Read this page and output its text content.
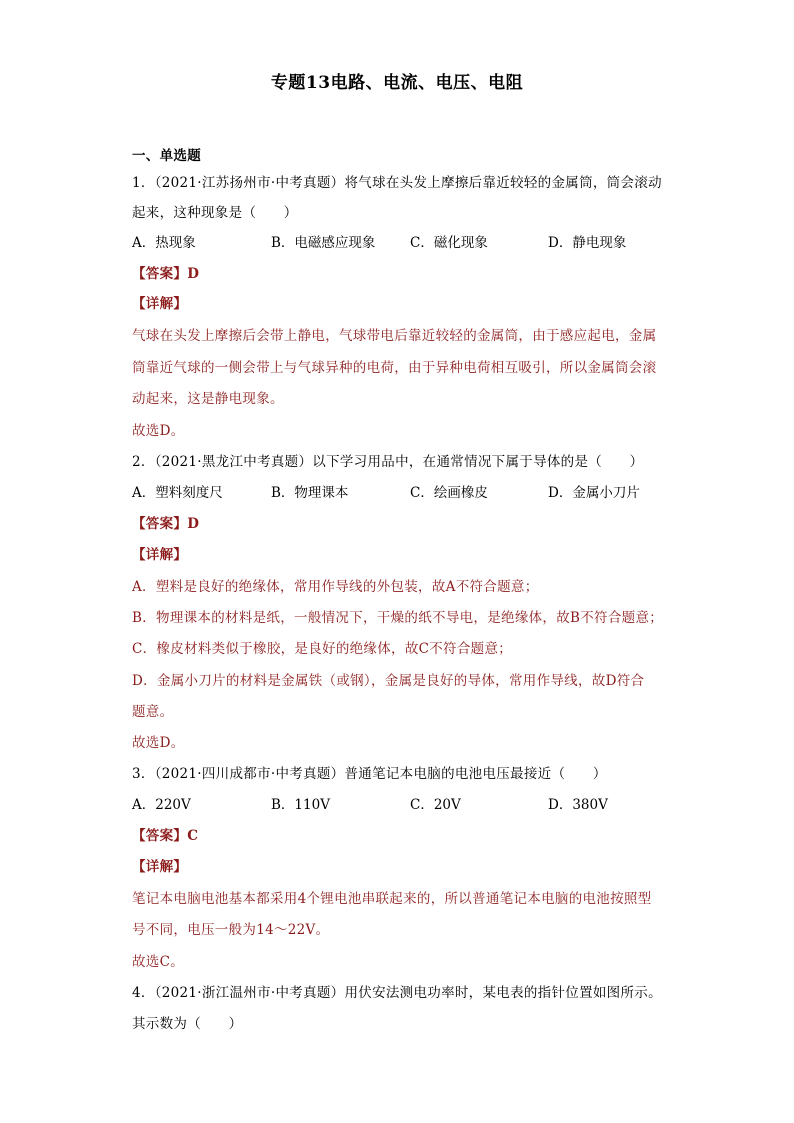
专题13电路、电流、电压、电阻
一、单选题
1．（2021·江苏扬州市·中考真题）将气球在头发上摩擦后靠近较轻的金属筒，筒会滚动
起来，这种现象是（　　）
A．热现象	B．电磁感应现象	C．磁化现象	D．静电现象
【答案】D
【详解】
气球在头发上摩擦后会带上静电，气球带电后靠近较轻的金属筒，由于感应起电，金属
筒靠近气球的一侧会带上与气球异种的电荷，由于异种电荷相互吸引，所以金属筒会滚
动起来，这是静电现象。
故选D。
2．（2021·黑龙江中考真题）以下学习用品中，在通常情况下属于导体的是（　　）
A．塑料刻度尺	B．物理课本	C．绘画橡皮	D．金属小刀片
【答案】D
【详解】
A．塑料是良好的绝缘体，常用作导线的外包装，故A不符合题意；
B．物理课本的材料是纸，一般情况下，干燥的纸不导电，是绝缘体，故B不符合题意；
C．橡皮材料类似于橡胶，是良好的绝缘体，故C不符合题意；
D．金属小刀片的材料是金属铁（或钢），金属是良好的导体，常用作导线，故D符合
题意。
故选D。
3．（2021·四川成都市·中考真题）普通笔记本电脑的电池电压最接近（　　）
A．220V	B．110V	C．20V	D．380V
【答案】C
【详解】
笔记本电脑电池基本都采用4个锂电池串联起来的，所以普通笔记本电脑的电池按照型
号不同，电压一般为14～22V。
故选C。
4．（2021·浙江温州市·中考真题）用伏安法测电功率时，某电表的指针位置如图所示。
其示数为（　　）
